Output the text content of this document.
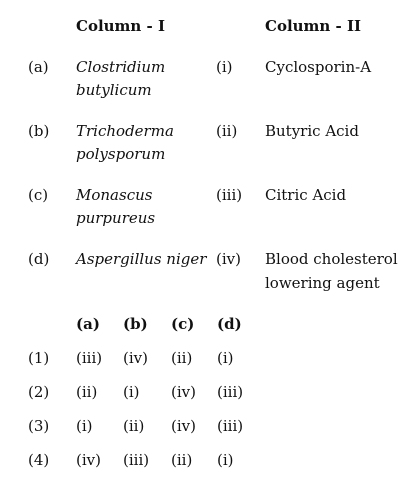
Column - I	Column - II
(a) Clostridium
butylicum
(i) Cyclosporin-A
(b) Trichoderma
polysporum
(ii) Butyric Acid
(c) Monascus
purpureus
(iii) Citric Acid
(d) Aspergillus niger (iv) Blood cholesterol
lowering agent
(a) (b) (c) (d)
(1) (iii) (iv) (ii) (i)
(2) (ii) (i) (iv) (iii)
(3) (i) (ii) (iv) (iii)
(4) (iv) (iii) (ii) (i)
